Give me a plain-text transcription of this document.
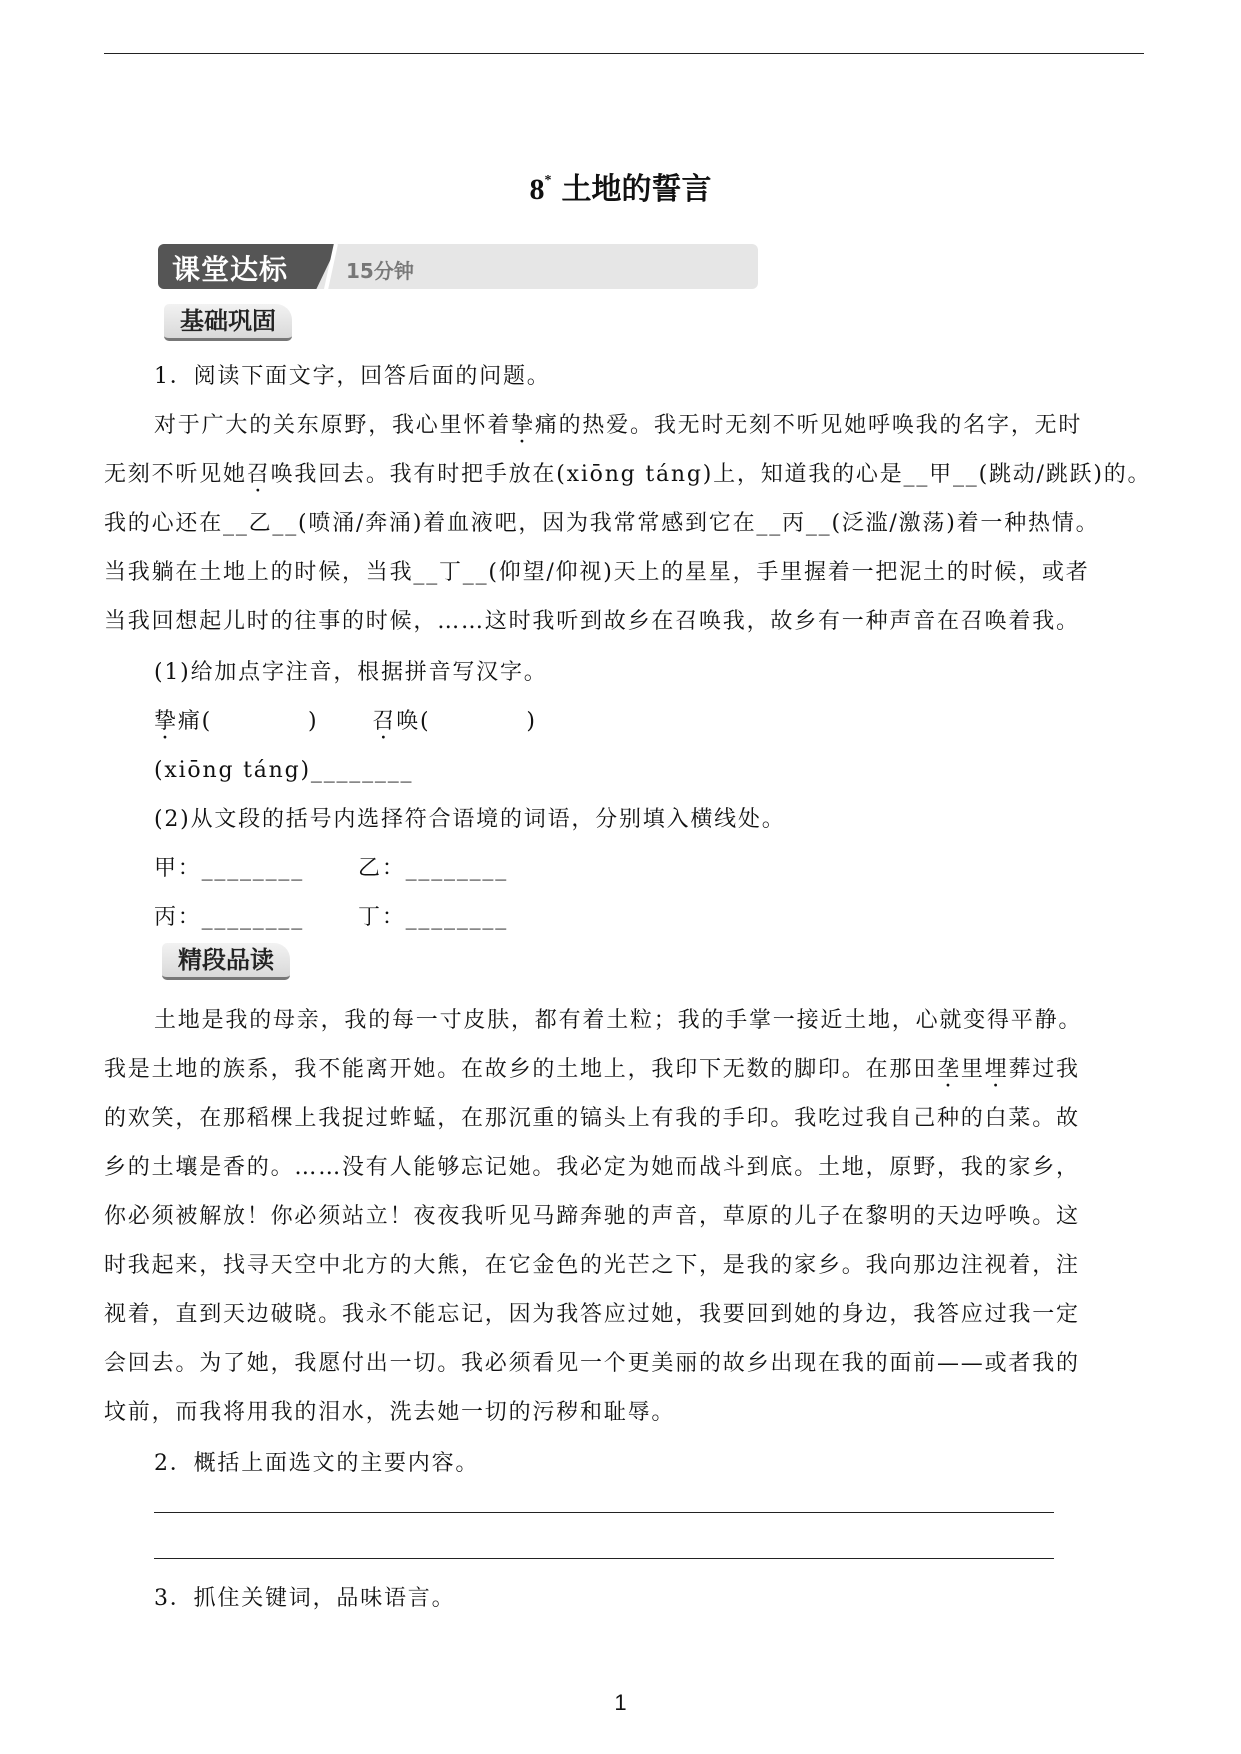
8* 土地的誓言
课堂达标	15分钟
基础巩固
1．阅读下面文字，回答后面的问题。
对于广大的关东原野，我心里怀着挚痛的热爱。我无时无刻不听见她呼唤我的名字，无时
无刻不听见她召唤我回去。我有时把手放在(xiōng táng)上，知道我的心是__甲__(跳动/跳跃)的。
我的心还在__乙__(喷涌/奔涌)着血液吧，因为我常常感到它在__丙__(泛滥/激荡)着一种热情。
当我躺在土地上的时候，当我__丁__(仰望/仰视)天上的星星，手里握着一把泥土的时候，或者
当我回想起儿时的往事的时候，……这时我听到故乡在召唤我，故乡有一种声音在召唤着我。
(1)给加点字注音，根据拼音写汉字。
挚痛(	) 召唤(	)
(xiōng táng)________
(2)从文段的括号内选择符合语境的词语，分别填入横线处。
甲：________ 乙：________
丙：________ 丁：________
精段品读
土地是我的母亲，我的每一寸皮肤，都有着土粒；我的手掌一接近土地，心就变得平静。
我是土地的族系，我不能离开她。在故乡的土地上，我印下无数的脚印。在那田垄里埋葬过我
的欢笑，在那稻棵上我捉过蚱蜢，在那沉重的镐头上有我的手印。我吃过我自己种的白菜。故
乡的土壤是香的。……没有人能够忘记她。我必定为她而战斗到底。土地，原野，我的家乡，
你必须被解放！你必须站立！夜夜我听见马蹄奔驰的声音，草原的儿子在黎明的天边呼唤。这
时我起来，找寻天空中北方的大熊，在它金色的光芒之下，是我的家乡。我向那边注视着，注
视着，直到天边破晓。我永不能忘记，因为我答应过她，我要回到她的身边，我答应过我一定
会回去。为了她，我愿付出一切。我必须看见一个更美丽的故乡出现在我的面前——或者我的
坟前，而我将用我的泪水，洗去她一切的污秽和耻辱。
2．概括上面选文的主要内容。
3．抓住关键词，品味语言。
1
